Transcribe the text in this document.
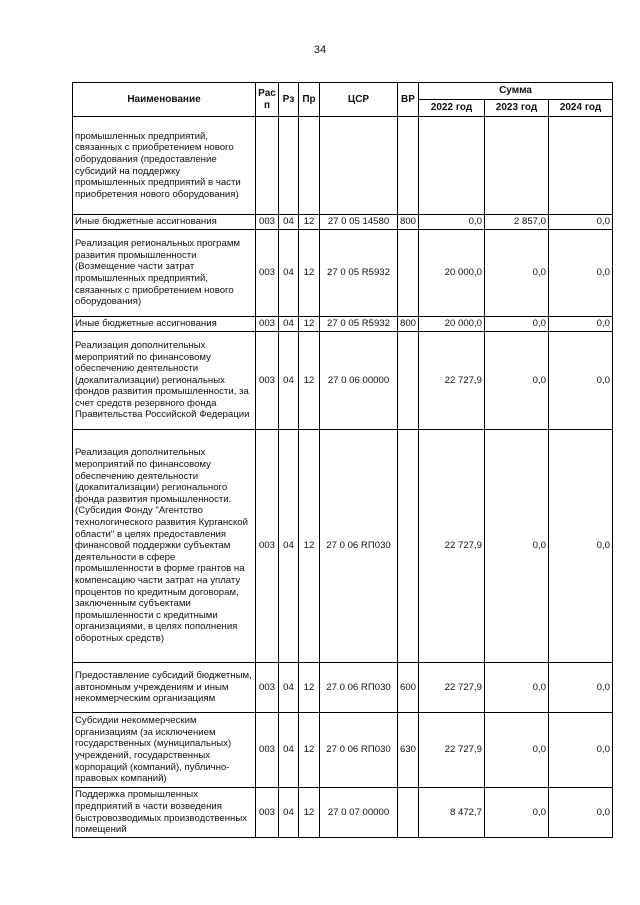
34
Наименование	Рас п	Рз	Пр	ЦСР	ВР	Сумма		
						2022 год	2023 год	2024 год
промышленных предприятий, связанных с приобретением нового оборудования (предоставление субсидий на поддержку промышленных предприятий в части приобретения нового оборудования)								
Иные бюджетные ассигнования	003	04	12	27 0 05 14580	800	0,0	2 857,0	0,0
Реализация региональных программ развития промышленности (Возмещение части затрат промышленных предприятий, связанных с приобретением нового оборудования)	003	04	12	27 0 05 R5932		20 000,0	0,0	0,0
Иные бюджетные ассигнования	003	04	12	27 0 05 R5932	800	20 000,0	0,0	0,0
Реализация дополнительных мероприятий по финансовому обеспечению деятельности (докапитализации) региональных фондов развития промышленности, за счет средств резервного фонда Правительства Российской Федерации	003	04	12	27 0 06 00000		22 727,9	0,0	0,0
Реализация дополнительных мероприятий по финансовому обеспечению деятельности (докапитализации) регионального фонда развития промышленности. (Субсидия Фонду "Агентство технологического развития Курганской области" в целях предоставления финансовой поддержки субъектам деятельности в сфере промышленности в форме грантов на компенсацию части затрат на уплату процентов по кредитным договорам, заключенным субъектами промышленности с кредитными организациями, в целях пополнения оборотных средств)	003	04	12	27 0 06 RП030		22 727,9	0,0	0,0
Предоставление субсидий бюджетным, автономным учреждениям и иным некоммерческим организациям	003	04	12	27 0 06 RП030	600	22 727,9	0,0	0,0
Субсидии некоммерческим организациям (за исключением государственных (муниципальных) учреждений, государственных корпораций (компаний), публично-правовых компаний)	003	04	12	27 0 06 RП030	630	22 727,9	0,0	0,0
Поддержка промышленных предприятий в части возведения быстровозводимых производственных помещений	003	04	12	27 0 07 00000		8 472,7	0,0	0,0
